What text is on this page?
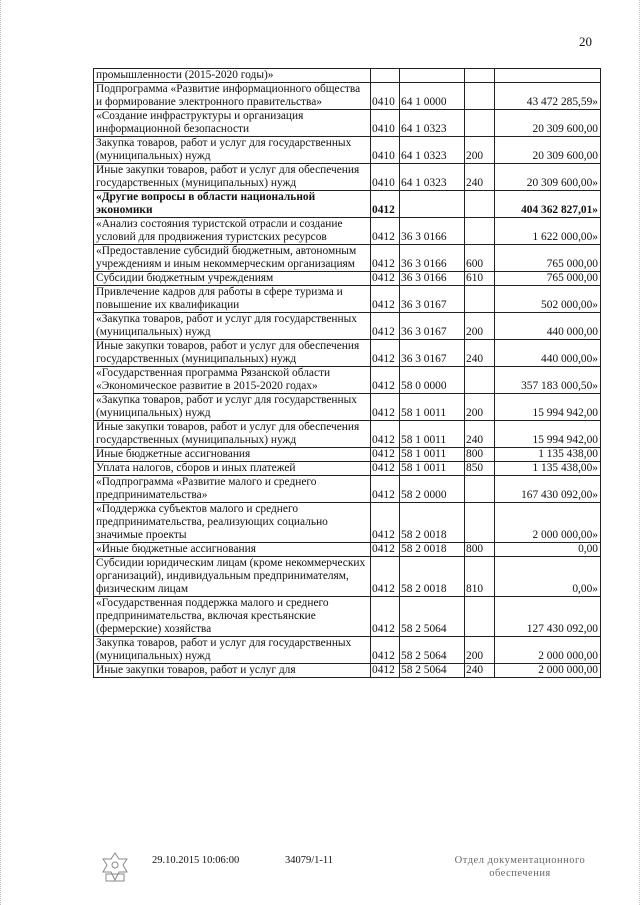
20
промышленности (2015-2020 годы)»				
Подпрограмма «Развитие информационного общества и формирование электронного правительства»	0410	64 1 0000		43 472 285,59»
«Создание инфраструктуры и организация информационной безопасности	0410	64 1 0323		20 309 600,00
Закупка товаров, работ и услуг для государственных (муниципальных) нужд	0410	64 1 0323	200	20 309 600,00
Иные закупки товаров, работ и услуг для обеспечения государственных (муниципальных) нужд	0410	64 1 0323	240	20 309 600,00»
«Другие вопросы в области национальной экономики	0412			404 362 827,01»
«Анализ состояния туристской отрасли и создание условий для продвижения туристских ресурсов	0412	36 3 0166		1 622 000,00»
«Предоставление субсидий бюджетным, автономным учреждениям и иным некоммерческим организациям	0412	36 3 0166	600	765 000,00
Субсидии бюджетным учреждениям	0412	36 3 0166	610	765 000,00
Привлечение кадров для работы в сфере туризма и повышение их квалификации	0412	36 3 0167		502 000,00»
«Закупка товаров, работ и услуг для государственных (муниципальных) нужд	0412	36 3 0167	200	440 000,00
Иные закупки товаров, работ и услуг для обеспечения государственных (муниципальных) нужд	0412	36 3 0167	240	440 000,00»
«Государственная программа Рязанской области «Экономическое развитие в 2015-2020 годах»	0412	58 0 0000		357 183 000,50»
«Закупка товаров, работ и услуг для государственных (муниципальных) нужд	0412	58 1 0011	200	15 994 942,00
Иные закупки товаров, работ и услуг для обеспечения государственных (муниципальных) нужд	0412	58 1 0011	240	15 994 942,00
Иные бюджетные ассигнования	0412	58 1 0011	800	1 135 438,00
Уплата налогов, сборов и иных платежей	0412	58 1 0011	850	1 135 438,00»
«Подпрограмма «Развитие малого и среднего предпринимательства»	0412	58 2 0000		167 430 092,00»
«Поддержка субъектов малого и среднего предпринимательства, реализующих социально значимые проекты	0412	58 2 0018		2 000 000,00»
«Иные бюджетные ассигнования	0412	58 2 0018	800	0,00
Субсидии юридическим лицам (кроме некоммерческих организаций), индивидуальным предпринимателям, физическим лицам	0412	58 2 0018	810	0,00»
«Государственная поддержка малого и среднего предпринимательства, включая крестьянские (фермерские) хозяйства	0412	58 2 5064		127 430 092,00
Закупка товаров, работ и услуг для государственных (муниципальных) нужд	0412	58 2 5064	200	2 000 000,00
Иные закупки товаров, работ и услуг для	0412	58 2 5064	240	2 000 000,00
29.10.2015 10:06:00	34079/1-11	Отдел документационного
обеспечения
